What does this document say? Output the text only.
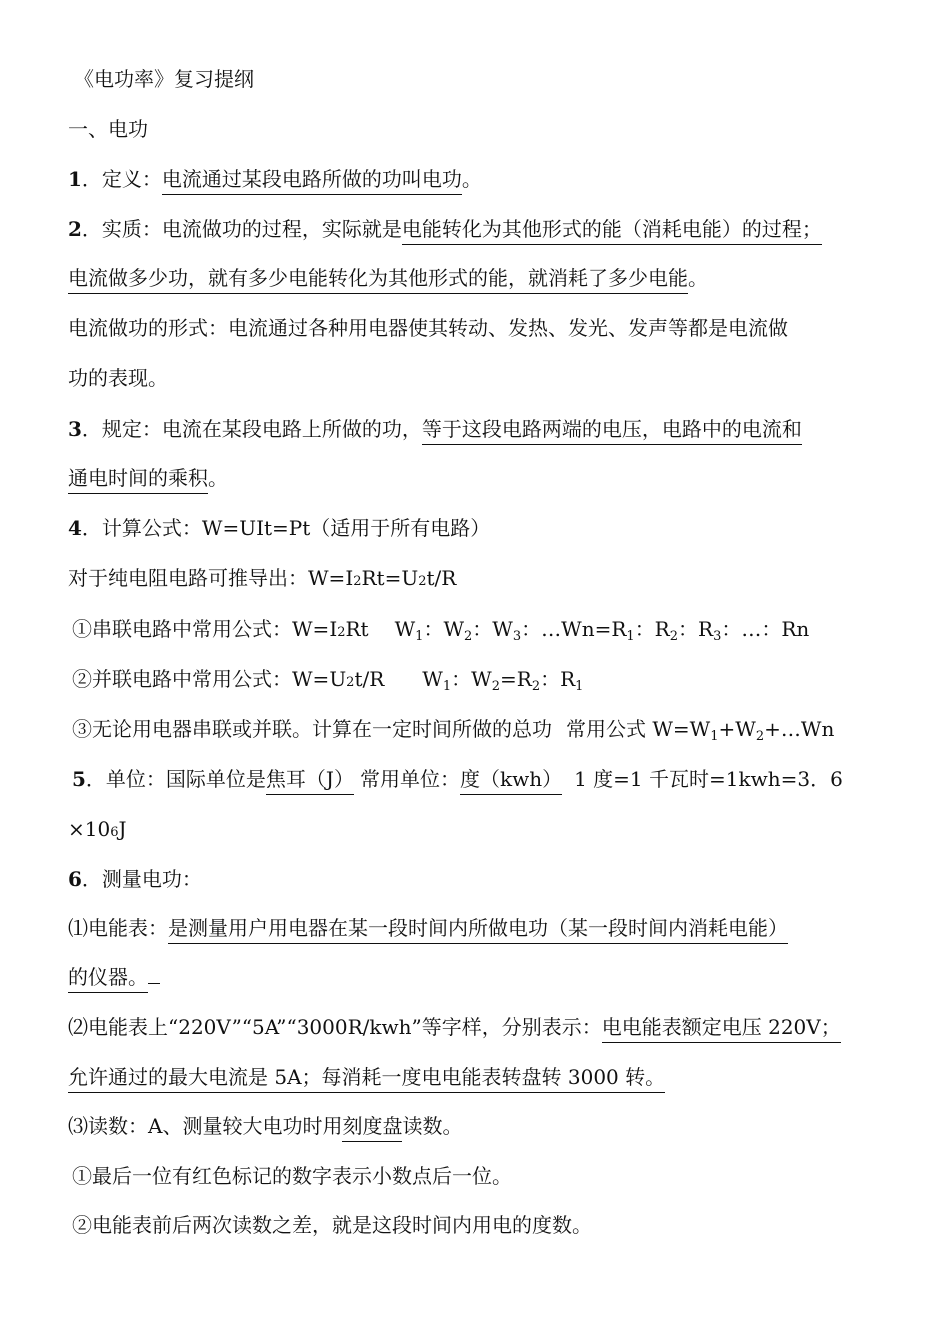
《电功率》复习提纲
一、电功
1．定义：电流通过某段电路所做的功叫电功。
2．实质：电流做功的过程，实际就是电能转化为其他形式的能（消耗电能）的过程；
电流做多少功，就有多少电能转化为其他形式的能，就消耗了多少电能。
电流做功的形式：电流通过各种用电器使其转动、发热、发光、发声等都是电流做
功的表现。
3．规定：电流在某段电路上所做的功，等于这段电路两端的电压，电路中的电流和
通电时间的乘积。
4．计算公式：W=UIt=Pt（适用于所有电路）
对于纯电阻电路可推导出：W=I2Rt=U2t/R
①串联电路中常用公式：W=I2Rt $W_1$：$W_2$：$W_3$：$\dots Wn=R_1$：$R_2$：$R_3$：…：Rn
②并联电路中常用公式：W=U2t/R $W_1$：$W_2=R_2$：$R_1$
③无论用电器串联或并联。计算在一定时间所做的总功 常用公式 $W=W_1+W_2+\dots Wn$
5．单位：国际单位是焦耳（J） 常用单位：度（kwh） 1 度=1 千瓦时=1kwh=3．6
×106J
6．测量电功：
⑴电能表：是测量用户用电器在某一段时间内所做电功（某一段时间内消耗电能）
的仪器。
⑵电能表上“220V”“5A”“3000R/kwh”等字样，分别表示：电电能表额定电压 220V；
允许通过的最大电流是 5A；每消耗一度电电能表转盘转 3000 转。
⑶读数：A、测量较大电功时用刻度盘读数。
①最后一位有红色标记的数字表示小数点后一位。
②电能表前后两次读数之差，就是这段时间内用电的度数。
